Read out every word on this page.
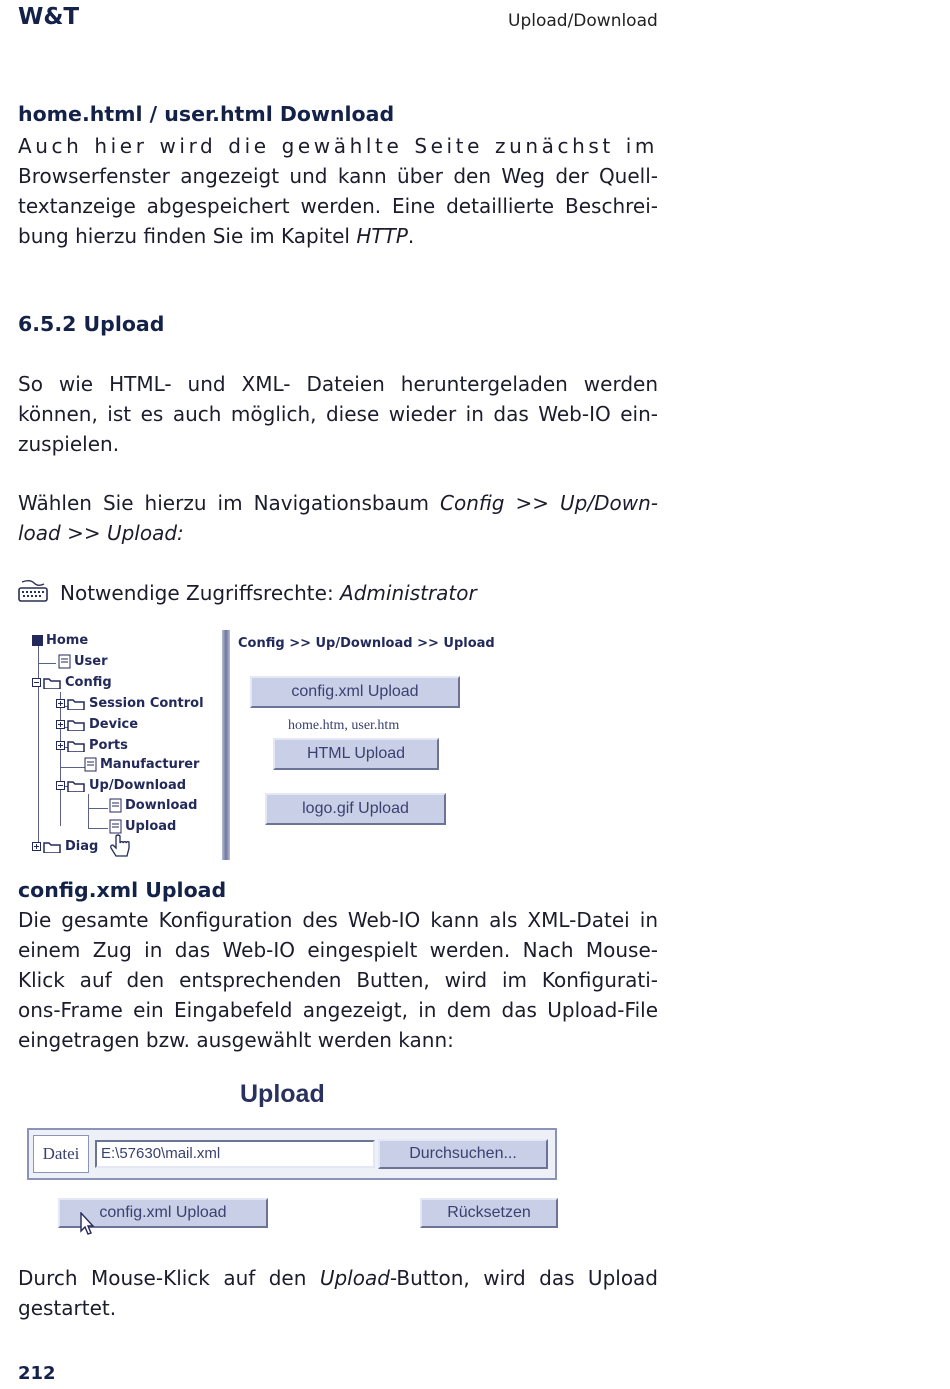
W&T	Upload/Download
home.html / user.html Download
Auch hier wird die gewählte Seite zunächst im
Browserfenster angezeigt und kann über den Weg der Quell-
textanzeige abgespeichert werden. Eine detaillierte Beschrei-
bung hierzu finden Sie im Kapitel HTTP.
6.5.2 Upload
So wie HTML- und XML- Dateien heruntergeladen werden
können, ist es auch möglich, diese wieder in das Web-IO ein-
zuspielen.
Wählen Sie hierzu im Navigationsbaum Config >> Up/Down-
load >> Upload:
Notwendige Zugriffsrechte: Administrator
Home
User
Config
Session Control
Device
Ports
Manufacturer
Up/Download
Download
Upload
Diag
Config >> Up/Download >> Upload
config.xml Upload
home.htm, user.htm
HTML Upload
logo.gif Upload
config.xml Upload
Die gesamte Konfiguration des Web-IO kann als XML-Datei in
einem Zug in das Web-IO eingespielt werden. Nach Mouse-
Klick auf den entsprechenden Butten, wird im Konfigurati-
ons-Frame ein Eingabefeld angezeigt, in dem das Upload-File
eingetragen bzw. ausgewählt werden kann:
Upload
Datei	E:\57630\mail.xml	Durchsuchen...
config.xml Upload	Rücksetzen
Durch Mouse-Klick auf den Upload-Button, wird das Upload
gestartet.
212
